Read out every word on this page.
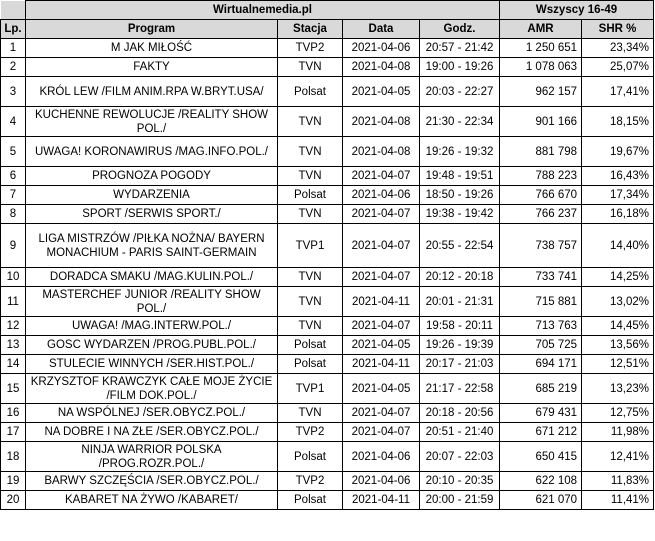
	Wirtualnemedia.pl				Wszyscy 16-49	
Lp.	Program	Stacja	Data	Godz.	AMR	SHR %
1	M JAK MIŁOŚĆ	TVP2	2021-04-06	20:57 - 21:42	1 250 651	23,34%
2	FAKTY	TVN	2021-04-08	19:00 - 19:26	1 078 063	25,07%
3	KRÓL LEW /FILM ANIM.RPA W.BRYT.USA/	Polsat	2021-04-05	20:03 - 22:27	962 157	17,41%
4	KUCHENNE REWOLUCJE /REALITY SHOW POL./	TVN	2021-04-08	21:30 - 22:34	901 166	18,15%
5	UWAGA! KORONAWIRUS /MAG.INFO.POL./	TVN	2021-04-08	19:26 - 19:32	881 798	19,67%
6	PROGNOZA POGODY	TVN	2021-04-07	19:48 - 19:51	788 223	16,43%
7	WYDARZENIA	Polsat	2021-04-06	18:50 - 19:26	766 670	17,34%
8	SPORT /SERWIS SPORT./	TVN	2021-04-07	19:38 - 19:42	766 237	16,18%
9	LIGA MISTRZÓW /PIŁKA NOŻNA/ BAYERN MONACHIUM - PARIS SAINT-GERMAIN	TVP1	2021-04-07	20:55 - 22:54	738 757	14,40%
10	DORADCA SMAKU /MAG.KULIN.POL./	TVN	2021-04-07	20:12 - 20:18	733 741	14,25%
11	MASTERCHEF JUNIOR /REALITY SHOW POL./	TVN	2021-04-11	20:01 - 21:31	715 881	13,02%
12	UWAGA! /MAG.INTERW.POL./	TVN	2021-04-07	19:58 - 20:11	713 763	14,45%
13	GOSC WYDARZEN /PROG.PUBL.POL./	Polsat	2021-04-05	19:26 - 19:39	705 725	13,56%
14	STULECIE WINNYCH /SER.HIST.POL./	Polsat	2021-04-11	20:17 - 21:03	694 171	12,51%
15	KRZYSZTOF KRAWCZYK CAŁE MOJE ŻYCIE /FILM DOK.POL./	TVP1	2021-04-05	21:17 - 22:58	685 219	13,23%
16	NA WSPÓLNEJ /SER.OBYCZ.POL./	TVN	2021-04-07	20:18 - 20:56	679 431	12,75%
17	NA DOBRE I NA ZŁE /SER.OBYCZ.POL./	TVP2	2021-04-07	20:51 - 21:40	671 212	11,98%
18	NINJA WARRIOR POLSKA /PROG.ROZR.POL./	Polsat	2021-04-06	20:07 - 22:03	650 415	12,41%
19	BARWY SZCZĘŚCIA /SER.OBYCZ.POL./	TVP2	2021-04-06	20:10 - 20:35	622 108	11,83%
20	KABARET NA ŻYWO /KABARET/	Polsat	2021-04-11	20:00 - 21:59	621 070	11,41%
